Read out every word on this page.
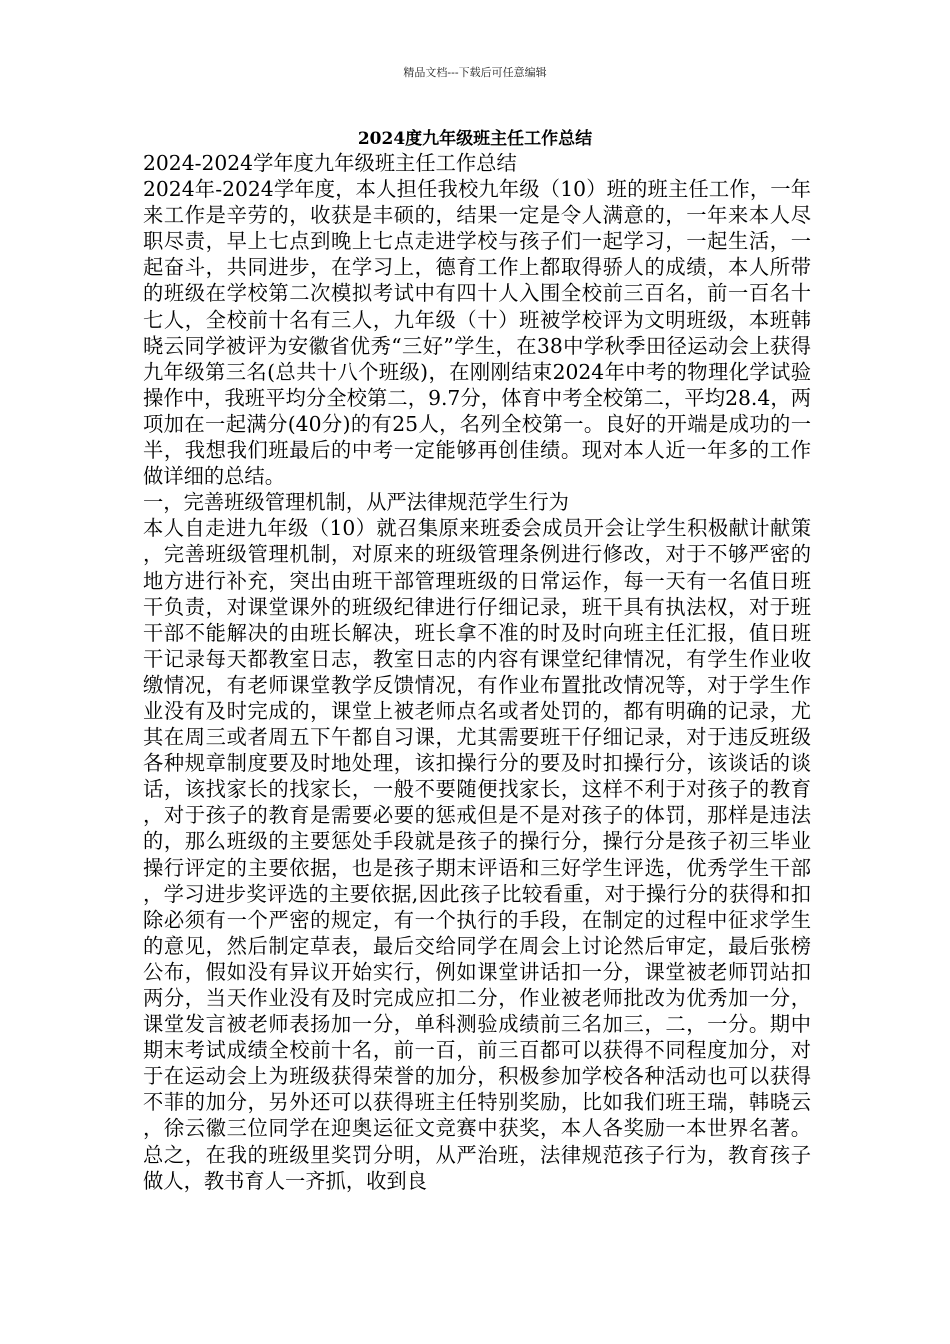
精品文档---下载后可任意编辑
2024度九年级班主任工作总结

2024-2024学年度九年级班主任工作总结

2024年-2024学年度，本人担任我校九年级（10）班的班主任工作，一年来工作是辛劳的，收获是丰硕的，结果一定是令人满意的，一年来本人尽职尽责，早上七点到晚上七点走进学校与孩子们一起学习，一起生活，一起奋斗，共同进步，在学习上，德育工作上都取得骄人的成绩，本人所带的班级在学校第二次模拟考试中有四十人入围全校前三百名，前一百名十七人，全校前十名有三人，九年级（十）班被学校评为文明班级，本班韩晓云同学被评为安徽省优秀“三好”学生，在38中学秋季田径运动会上获得九年级第三名(总共十八个班级)，在刚刚结束2024年中考的物理化学试验操作中，我班平均分全校第二，9.7分，体育中考全校第二，平均28.4，两项加在一起满分(40分)的有25人，名列全校第一。良好的开端是成功的一半，我想我们班最后的中考一定能够再创佳绩。现对本人近一年多的工作做详细的总结。

一，完善班级管理机制，从严法律规范学生行为

本人自走进九年级（10）就召集原来班委会成员开会让学生积极献计献策，完善班级管理机制，对原来的班级管理条例进行修改，对于不够严密的地方进行补充，突出由班干部管理班级的日常运作，每一天有一名值日班干负责，对课堂课外的班级纪律进行仔细记录，班干具有执法权，对于班干部不能解决的由班长解决，班长拿不准的时及时向班主任汇报，值日班干记录每天都教室日志，教室日志的内容有课堂纪律情况，有学生作业收缴情况，有老师课堂教学反馈情况，有作业布置批改情况等，对于学生作业没有及时完成的，课堂上被老师点名或者处罚的，都有明确的记录，尤其在周三或者周五下午都自习课，尤其需要班干仔细记录，对于违反班级各种规章制度要及时地处理，该扣操行分的要及时扣操行分，该谈话的谈话，该找家长的找家长，一般不要随便找家长，这样不利于对孩子的教育，对于孩子的教育是需要必要的惩戒但是不是对孩子的体罚，那样是违法的，那么班级的主要惩处手段就是孩子的操行分，操行分是孩子初三毕业操行评定的主要依据，也是孩子期末评语和三好学生评选，优秀学生干部，学习进步奖评选的主要依据,因此孩子比较看重，对于操行分的获得和扣除必须有一个严密的规定，有一个执行的手段，在制定的过程中征求学生的意见，然后制定草表，最后交给同学在周会上讨论然后审定，最后张榜公布，假如没有异议开始实行，例如课堂讲话扣一分，课堂被老师罚站扣两分，当天作业没有及时完成应扣二分，作业被老师批改为优秀加一分，课堂发言被老师表扬加一分，单科测验成绩前三名加三，二，一分。期中期末考试成绩全校前十名，前一百，前三百都可以获得不同程度加分，对于在运动会上为班级获得荣誉的加分，积极参加学校各种活动也可以获得不菲的加分，另外还可以获得班主任特别奖励，比如我们班王瑞，韩晓云，徐云徽三位同学在迎奥运征文竞赛中获奖，本人各奖励一本世界名著。总之，在我的班级里奖罚分明，从严治班，法律规范孩子行为，教育孩子做人，教书育人一齐抓，收到良
